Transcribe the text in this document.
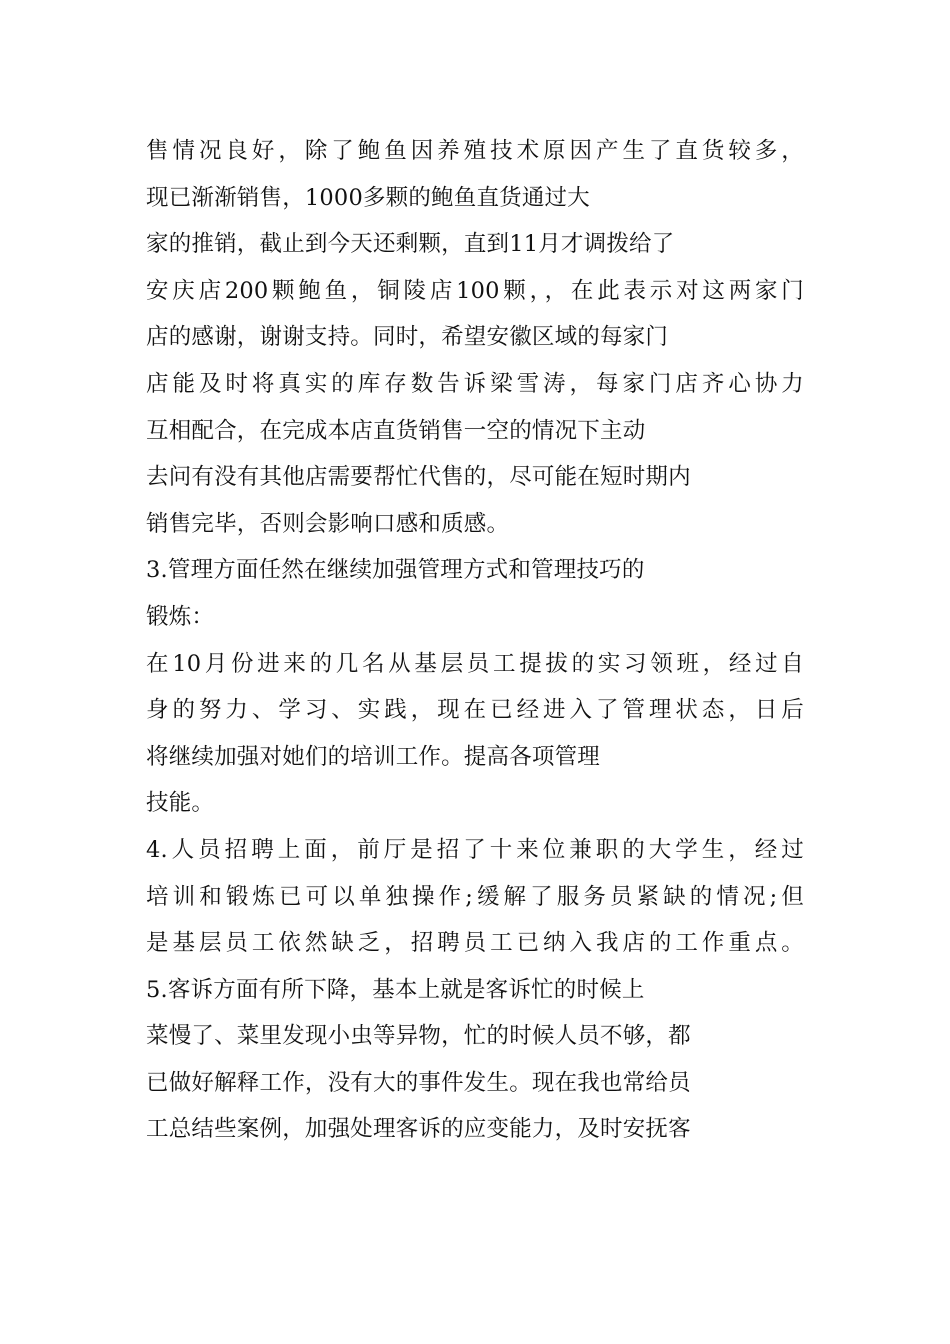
售情况良好，除了鲍鱼因养殖技术原因产生了直货较多，
现已渐渐销售，1000多颗的鲍鱼直货通过大
家的推销，截止到今天还剩颗，直到11月才调拨给了
安庆店200颗鲍鱼，铜陵店100颗，，在此表示对这两家门
店的感谢，谢谢支持。同时，希望安徽区域的每家门
店能及时将真实的库存数告诉梁雪涛，每家门店齐心协力
互相配合，在完成本店直货销售一空的情况下主动
去问有没有其他店需要帮忙代售的，尽可能在短时期内
销售完毕，否则会影响口感和质感。
3.管理方面任然在继续加强管理方式和管理技巧的
锻炼：
在10月份进来的几名从基层员工提拔的实习领班，经过自
身的努力、学习、实践，现在已经进入了管理状态，日后
将继续加强对她们的培训工作。提高各项管理
技能。
4.人员招聘上面，前厅是招了十来位兼职的大学生，经过
培训和锻炼已可以单独操作;缓解了服务员紧缺的情况;但
是基层员工依然缺乏，招聘员工已纳入我店的工作重点。
5.客诉方面有所下降，基本上就是客诉忙的时候上
菜慢了、菜里发现小虫等异物，忙的时候人员不够，都
已做好解释工作，没有大的事件发生。现在我也常给员
工总结些案例，加强处理客诉的应变能力，及时安抚客
